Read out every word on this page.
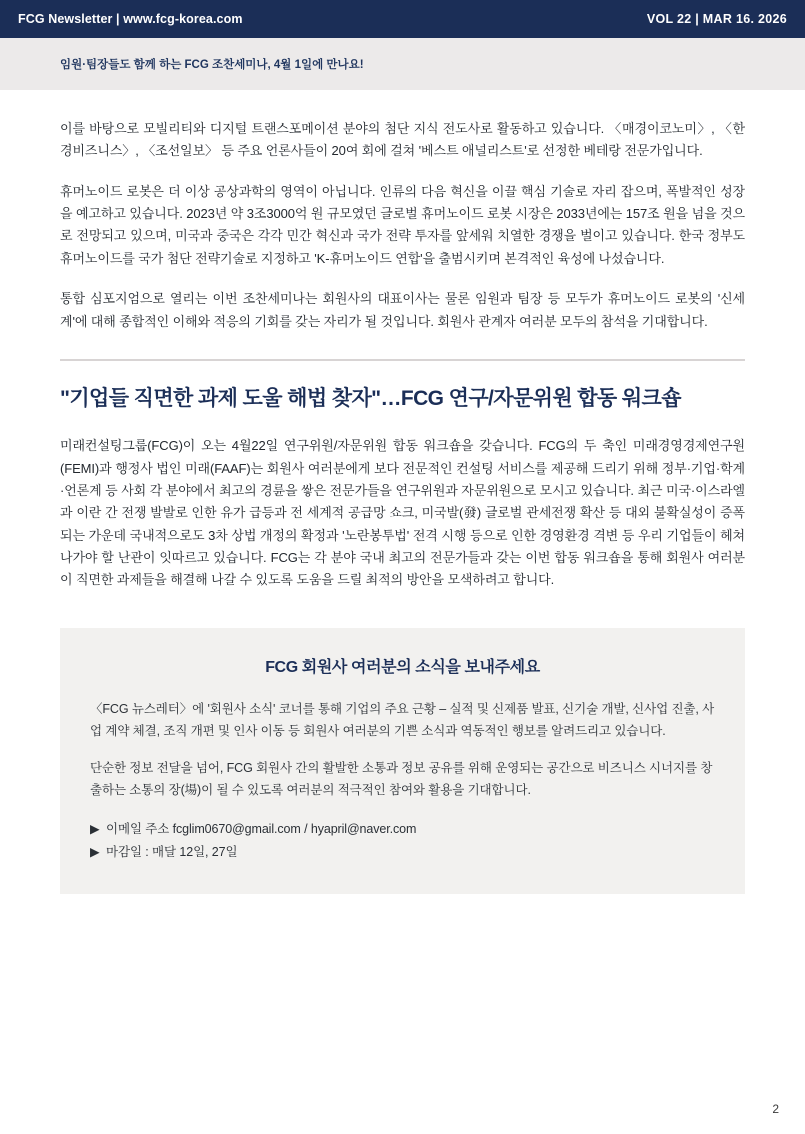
FCG Newsletter | www.fcg-korea.com	VOL 22 | MAR 16. 2026
임원·팀장들도 함께 하는 FCG 조찬세미나, 4월 1일에 만나요!

이를 바탕으로 모빌리티와 디지털 트랜스포메이션 분야의 첨단 지식 전도사로 활동하고 있습니다. 〈매경이코노미〉, 〈한경비즈니스〉, 〈조선일보〉 등 주요 언론사들이 20여 회에 걸쳐 '베스트 애널리스트'로 선정한 베테랑 전문가입니다.

휴머노이드 로봇은 더 이상 공상과학의 영역이 아닙니다. 인류의 다음 혁신을 이끌 핵심 기술로 자리 잡으며, 폭발적인 성장을 예고하고 있습니다. 2023년 약 3조3000억 원 규모였던 글로벌 휴머노이드 로봇 시장은 2033년에는 157조 원을 넘을 것으로 전망되고 있으며, 미국과 중국은 각각 민간 혁신과 국가 전략 투자를 앞세워 치열한 경쟁을 벌이고 있습니다. 한국 정부도 휴머노이드를 국가 첨단 전략기술로 지정하고 'K-휴머노이드 연합'을 출범시키며 본격적인 육성에 나섰습니다.

통합 심포지엄으로 열리는 이번 조찬세미나는 회원사의 대표이사는 물론 임원과 팀장 등 모두가 휴머노이드 로봇의 '신세계'에 대해 종합적인 이해와 적응의 기회를 갖는 자리가 될 것입니다. 회원사 관계자 여러분 모두의 참석을 기대합니다.

"기업들 직면한 과제 도울 해법 찾자"…FCG 연구/자문위원 합동 워크숍

미래컨설팅그룹(FCG)이 오는 4월22일 연구위원/자문위원 합동 워크숍을 갖습니다. FCG의 두 축인 미래경영경제연구원(FEMI)과 행정사 법인 미래(FAAF)는 회원사 여러분에게 보다 전문적인 컨설팅 서비스를 제공해 드리기 위해 정부·기업·학계·언론계 등 사회 각 분야에서 최고의 경륜을 쌓은 전문가들을 연구위원과 자문위원으로 모시고 있습니다. 최근 미국·이스라엘과 이란 간 전쟁 발발로 인한 유가 급등과 전 세계적 공급망 쇼크, 미국발(發) 글로벌 관세전쟁 확산 등 대외 불확실성이 증폭되는 가운데 국내적으로도 3차 상법 개정의 확정과 '노란봉투법' 전격 시행 등으로 인한 경영환경 격변 등 우리 기업들이 헤쳐 나가야 할 난관이 잇따르고 있습니다. FCG는 각 분야 국내 최고의 전문가들과 갖는 이번 합동 워크숍을 통해 회원사 여러분이 직면한 과제들을 해결해 나갈 수 있도록 도움을 드릴 최적의 방안을 모색하려고 합니다.

FCG 회원사 여러분의 소식을 보내주세요

〈FCG 뉴스레터〉에 '회원사 소식' 코너를 통해 기업의 주요 근황 – 실적 및 신제품 발표, 신기술 개발, 신사업 진출, 사업 계약 체결, 조직 개편 및 인사 이동 등 회원사 여러분의 기쁜 소식과 역동적인 행보를 알려드리고 있습니다.

단순한 정보 전달을 넘어, FCG 회원사 간의 활발한 소통과 정보 공유를 위해 운영되는 공간으로 비즈니스 시너지를 창출하는 소통의 장(場)이 될 수 있도록 여러분의 적극적인 참여와 활용을 기대합니다.

▶ 이메일 주소 fcglim0670@gmail.com / hyapril@naver.com
▶ 마감일 : 매달 12일, 27일
2
